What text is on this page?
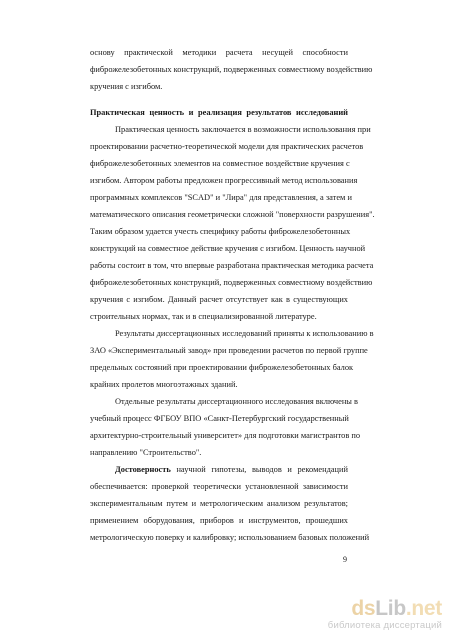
основу практической методики расчета несущей способности
фиброжелезобетонных конструкций, подверженных совместному воздействию
кручения с изгибом.
Практическая ценность и реализация результатов исследований
Практическая ценность заключается в возможности использования при
проектировании расчетно-теоретической модели для практических расчетов
фиброжелезобетонных элементов на совместное воздействие кручения с
изгибом. Автором работы предложен прогрессивный метод использования
программных комплексов "SCAD" и "Лира" для представления, а затем и
математического описания геометрически сложной "поверхности разрушения".
Таким образом удается учесть специфику работы фиброжелезобетонных
конструкций на совместное действие кручения с изгибом. Ценность научной
работы состоит в том, что впервые разработана практическая методика расчета
фиброжелезобетонных конструкций, подверженных совместному воздействию
кручения с изгибом. Данный расчет отсутствует как в существующих
строительных нормах, так и в специализированной литературе.
Результаты диссертационных исследований приняты к использованию в
ЗАО «Экспериментальный завод» при проведении расчетов по первой группе
предельных состояний при проектировании фиброжелезобетонных балок
крайних пролетов многоэтажных зданий.
Отдельные результаты диссертационного исследования включены в
учебный процесс ФГБОУ ВПО «Санкт-Петербургский государственный
архитектурно-строительный университет» для подготовки магистрантов по
направлению "Строительство".
Достоверность научной гипотезы, выводов и рекомендаций
обеспечивается: проверкой теоретически установленной зависимости
экспериментальным путем и метрологическим анализом результатов;
применением оборудования, приборов и инструментов, прошедших
метрологическую поверку и калибровку; использованием базовых положений
9
dsLib.net
библиотека диссертаций
